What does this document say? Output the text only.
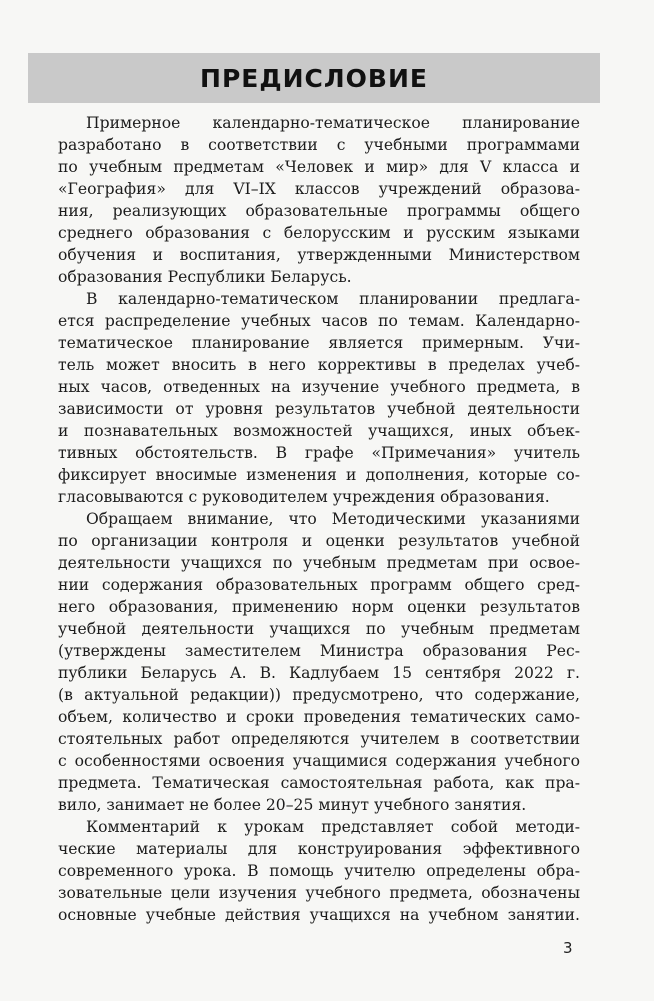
ПРЕДИСЛОВИЕ

Примерное календарно-тематическое планирование
разработано в соответствии с учебными программами
по учебным предметам «Человек и мир» для V класса и
«География» для VI–IX классов учреждений образова-
ния, реализующих образовательные программы общего
среднего образования с белорусским и русским языками
обучения и воспитания, утвержденными Министерством
образования Республики Беларусь.

В календарно-тематическом планировании предлага-
ется распределение учебных часов по темам. Календарно-
тематическое планирование является примерным. Учи-
тель может вносить в него коррективы в пределах учеб-
ных часов, отведенных на изучение учебного предмета, в
зависимости от уровня результатов учебной деятельности
и познавательных возможностей учащихся, иных объек-
тивных обстоятельств. В графе «Примечания» учитель
фиксирует вносимые изменения и дополнения, которые со-
гласовываются с руководителем учреждения образования.

Обращаем внимание, что Методическими указаниями
по организации контроля и оценки результатов учебной
деятельности учащихся по учебным предметам при освое-
нии содержания образовательных программ общего сред-
него образования, применению норм оценки результатов
учебной деятельности учащихся по учебным предметам
(утверждены заместителем Министра образования Рес-
публики Беларусь А. В. Кадлубаем 15 сентября 2022 г.
(в актуальной редакции)) предусмотрено, что содержание,
объем, количество и сроки проведения тематических само-
стоятельных работ определяются учителем в соответствии
с особенностями освоения учащимися содержания учебного
предмета. Тематическая самостоятельная работа, как пра-
вило, занимает не более 20–25 минут учебного занятия.

Комментарий к урокам представляет собой методи-
ческие материалы для конструирования эффективного
современного урока. В помощь учителю определены обра-
зовательные цели изучения учебного предмета, обозначены
основные учебные действия учащихся на учебном занятии.

3
